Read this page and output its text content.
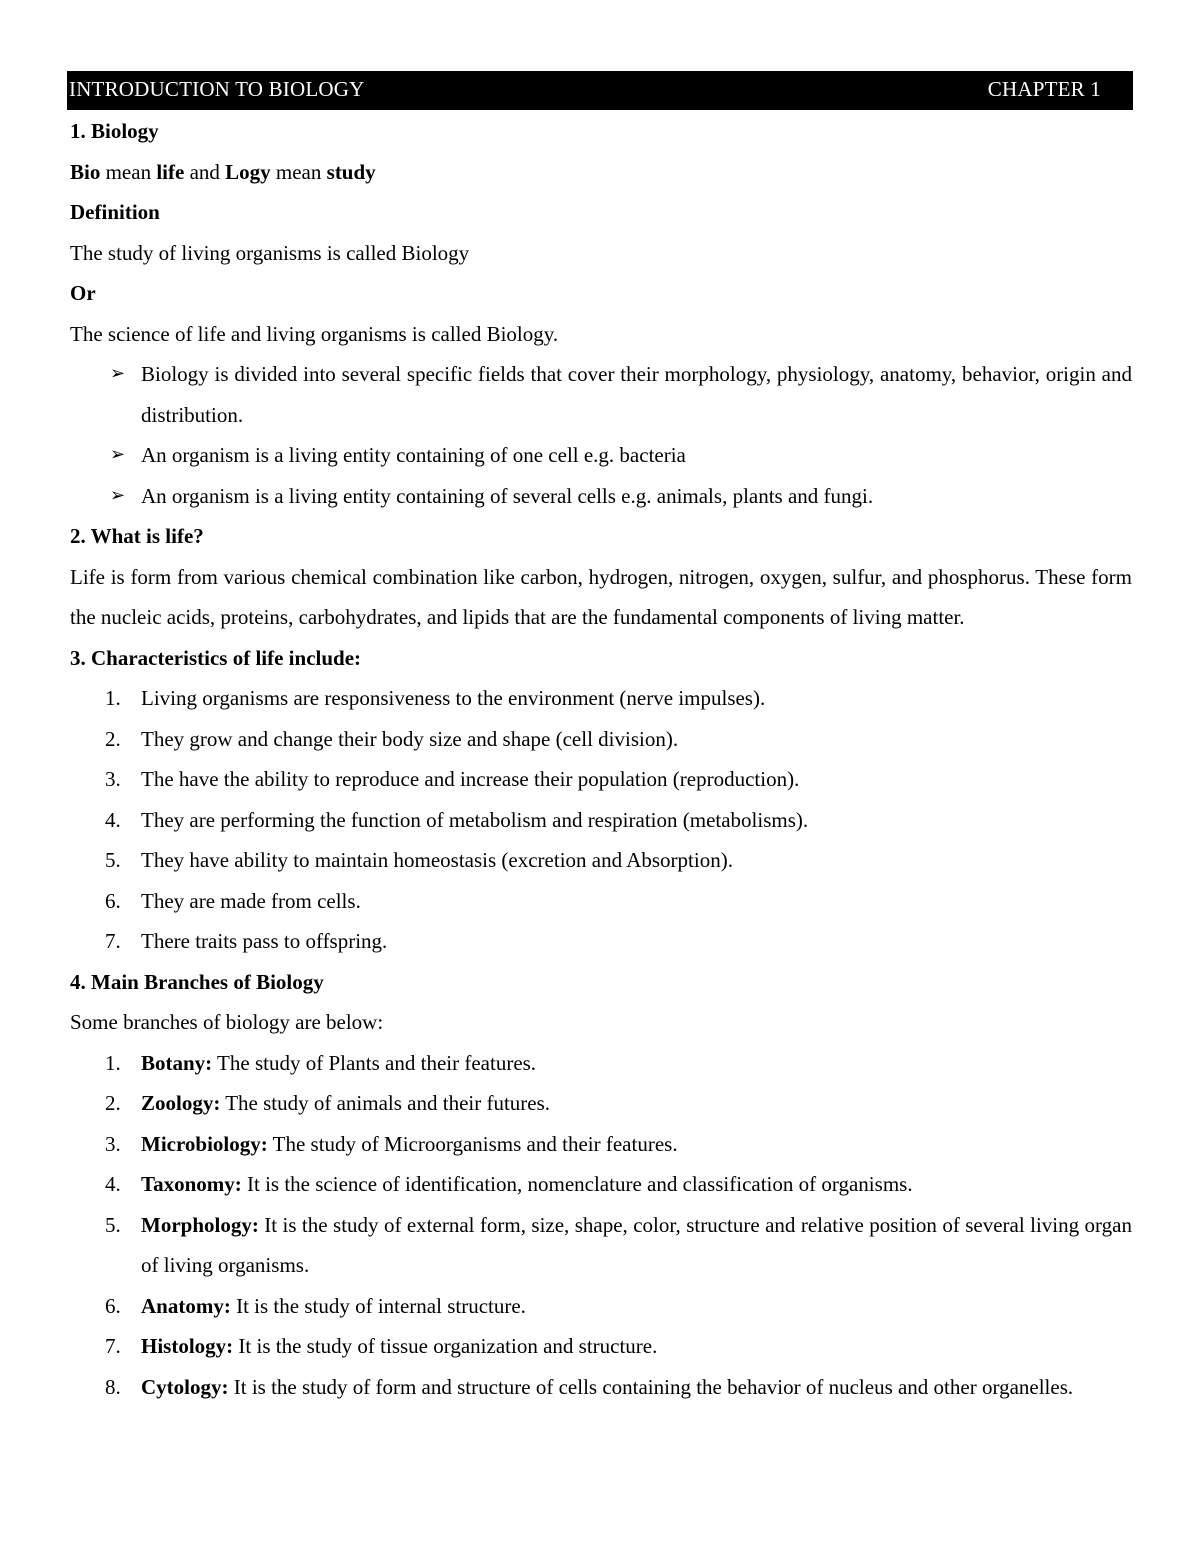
INTRODUCTION TO BIOLOGY	CHAPTER 1
1. Biology
Bio mean life and Logy mean study
Definition
The study of living organisms is called Biology
Or
The science of life and living organisms is called Biology.
➢ Biology is divided into several specific fields that cover their morphology, physiology, anatomy, behavior, origin and distribution.
➢ An organism is a living entity containing of one cell e.g. bacteria
➢ An organism is a living entity containing of several cells e.g. animals, plants and fungi.
2. What is life?
Life is form from various chemical combination like carbon, hydrogen, nitrogen, oxygen, sulfur, and phosphorus. These form the nucleic acids, proteins, carbohydrates, and lipids that are the fundamental components of living matter.
3. Characteristics of life include:
1. Living organisms are responsiveness to the environment (nerve impulses).
2. They grow and change their body size and shape (cell division).
3. The have the ability to reproduce and increase their population (reproduction).
4. They are performing the function of metabolism and respiration (metabolisms).
5. They have ability to maintain homeostasis (excretion and Absorption).
6. They are made from cells.
7. There traits pass to offspring.
4. Main Branches of Biology
Some branches of biology are below:
1. Botany: The study of Plants and their features.
2. Zoology: The study of animals and their futures.
3. Microbiology: The study of Microorganisms and their features.
4. Taxonomy: It is the science of identification, nomenclature and classification of organisms.
5. Morphology: It is the study of external form, size, shape, color, structure and relative position of several living organ of living organisms.
6. Anatomy: It is the study of internal structure.
7. Histology: It is the study of tissue organization and structure.
8. Cytology: It is the study of form and structure of cells containing the behavior of nucleus and other organelles.
